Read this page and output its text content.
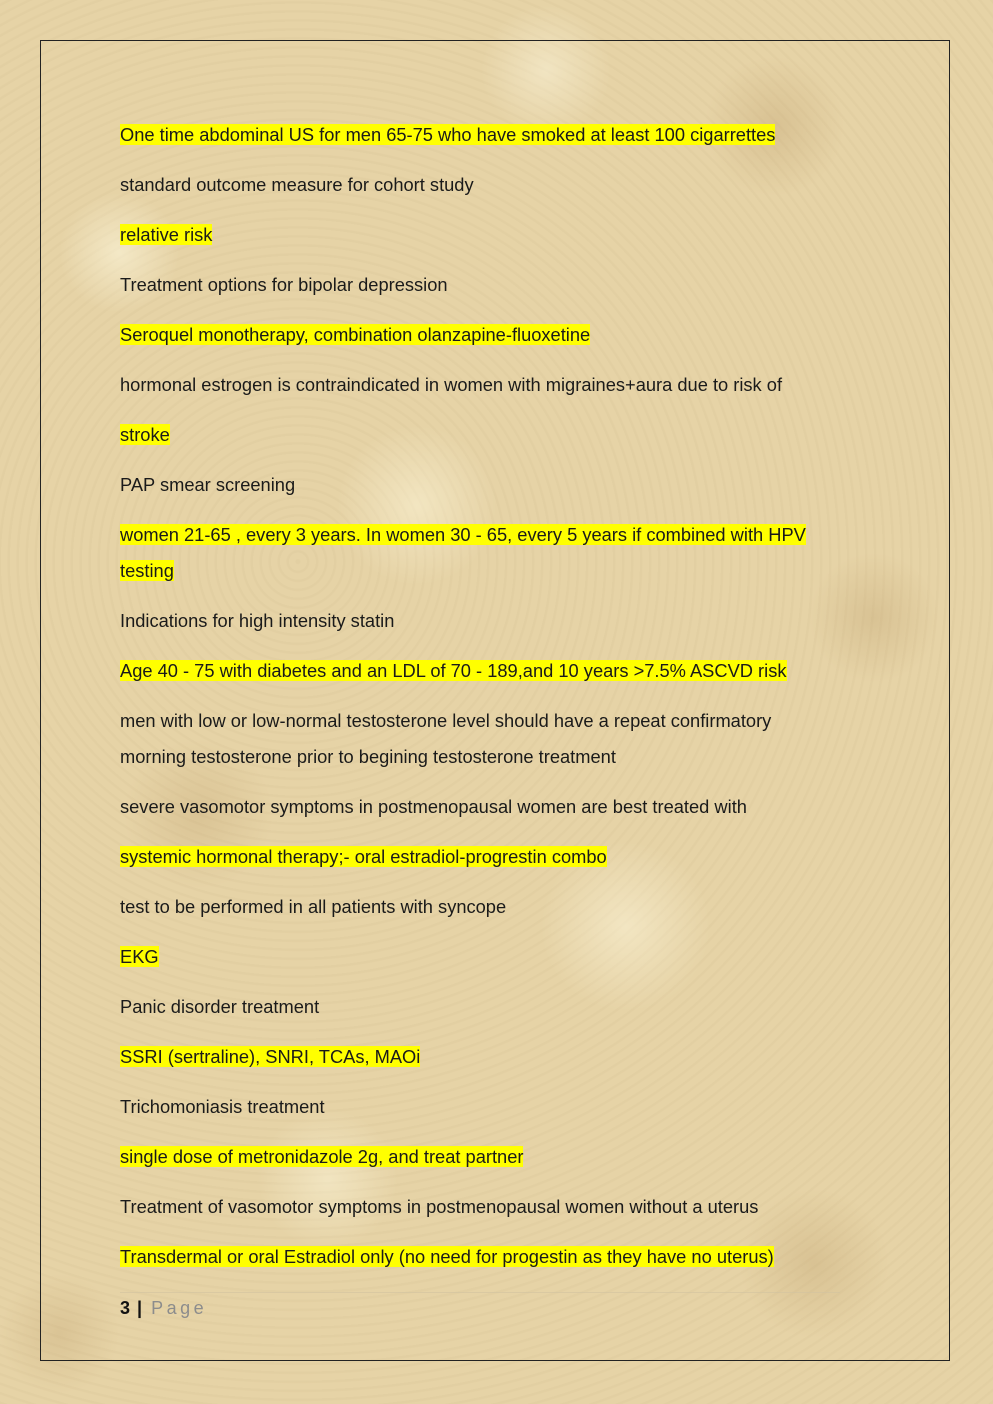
One time abdominal US for men 65-75 who have smoked at least 100 cigarrettes
standard outcome measure for cohort study
relative risk
Treatment options for bipolar depression
Seroquel monotherapy, combination olanzapine-fluoxetine
hormonal estrogen is contraindicated in women with migraines+aura due to risk of
stroke
PAP smear screening
women 21-65 , every 3 years. In women 30 - 65, every 5 years if combined with HPV testing
Indications for high intensity statin
Age 40 - 75 with diabetes and an LDL of 70 - 189,and 10 years >7.5% ASCVD risk
men with low or low-normal testosterone level should have a repeat confirmatory morning testosterone prior to begining testosterone treatment
severe vasomotor symptoms in postmenopausal women are best treated with
systemic hormonal therapy;- oral estradiol-progrestin combo
test to be performed in all patients with syncope
EKG
Panic disorder treatment
SSRI (sertraline), SNRI, TCAs, MAOi
Trichomoniasis treatment
single dose of metronidazole 2g, and treat partner
Treatment of vasomotor symptoms in postmenopausal women without a uterus
Transdermal or oral Estradiol only (no need for progestin as they have no uterus)
3 | Page
